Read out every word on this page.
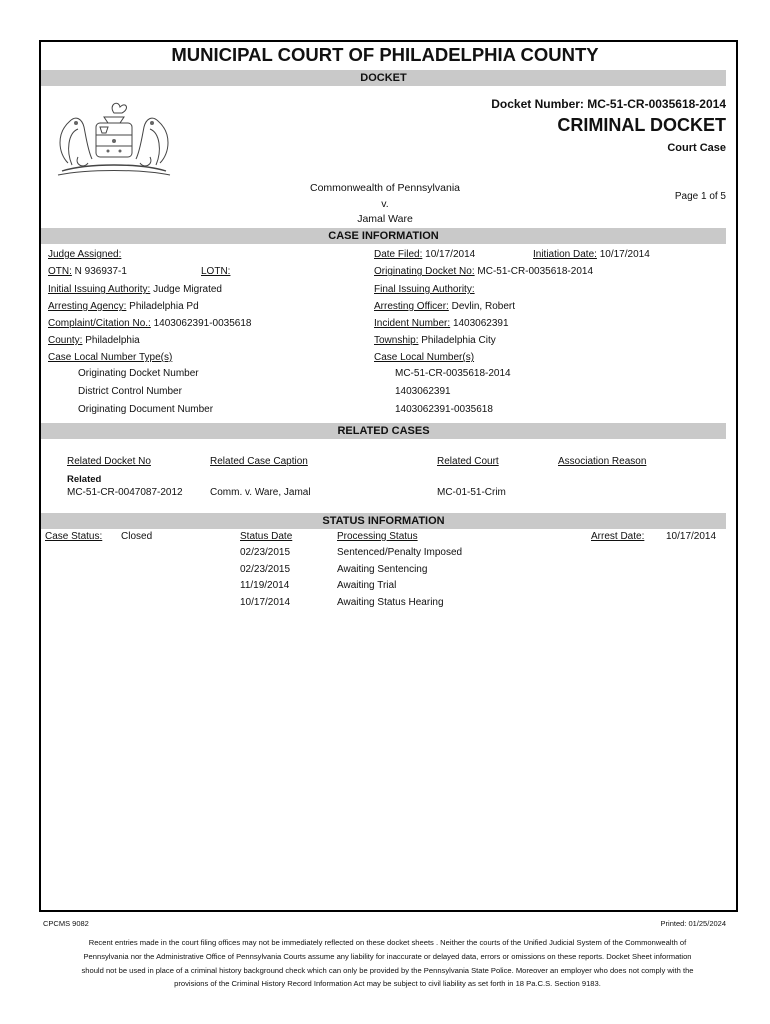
MUNICIPAL COURT OF PHILADELPHIA COUNTY
DOCKET
Docket Number: MC-51-CR-0035618-2014
CRIMINAL DOCKET
Court Case
Commonwealth of Pennsylvania
v.
Jamal Ware
Page 1 of 5
CASE INFORMATION
Judge Assigned:	Date Filed: 10/17/2014	Initiation Date: 10/17/2014
OTN: N 936937-1	LOTN:	Originating Docket No: MC-51-CR-0035618-2014
Initial Issuing Authority: Judge Migrated	Final Issuing Authority:
Arresting Agency: Philadelphia Pd	Arresting Officer: Devlin, Robert
Complaint/Citation No.: 1403062391-0035618	Incident Number: 1403062391
County: Philadelphia	Township: Philadelphia City
Case Local Number Type(s)	Case Local Number(s)
Originating Docket Number	MC-51-CR-0035618-2014
District Control Number	1403062391
Originating Document Number	1403062391-0035618
RELATED CASES
Related Docket No	Related Case Caption	Related Court	Association Reason
Related
MC-51-CR-0047087-2012	Comm. v. Ware, Jamal	MC-01-51-Crim
STATUS INFORMATION
Case Status: Closed	Status Date	Processing Status	Arrest Date: 10/17/2014
02/23/2015	Sentenced/Penalty Imposed
02/23/2015	Awaiting Sentencing
11/19/2014	Awaiting Trial
10/17/2014	Awaiting Status Hearing
CPCMS 9082	Printed: 01/25/2024
Recent entries made in the court filing offices may not be immediately reflected on these docket sheets . Neither the courts of the Unified Judicial System of the Commonwealth of Pennsylvania nor the Administrative Office of Pennsylvania Courts assume any liability for inaccurate or delayed data, errors or omissions on these reports. Docket Sheet information should not be used in place of a criminal history background check which can only be provided by the Pennsylvania State Police. Moreover an employer who does not comply with the provisions of the Criminal History Record Information Act may be subject to civil liability as set forth in 18 Pa.C.S. Section 9183.
